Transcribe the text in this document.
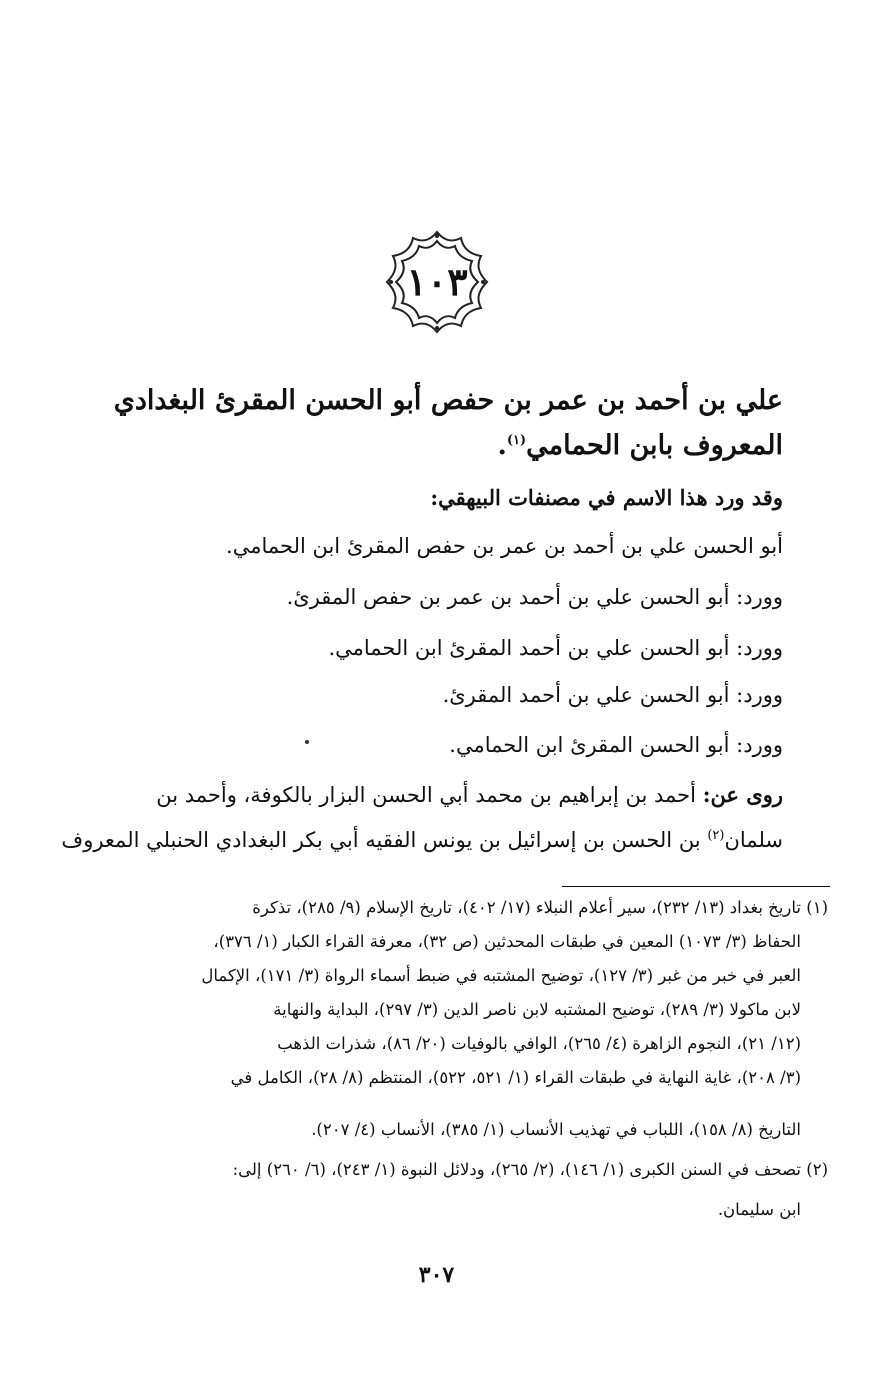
١٠٣
علي بن أحمد بن عمر بن حفص أبو الحسن المقرئ البغدادي
المعروف بابن الحمامي$^{(١)}$.
وقد ورد هذا الاسم في مصنفات البيهقي:
أبو الحسن علي بن أحمد بن عمر بن حفص المقرئ ابن الحمامي.
وورد: أبو الحسن علي بن أحمد بن عمر بن حفص المقرئ.
وورد: أبو الحسن علي بن أحمد المقرئ ابن الحمامي.
وورد: أبو الحسن علي بن أحمد المقرئ.
وورد: أبو الحسن المقرئ ابن الحمامي.
روى عن: أحمد بن إبراهيم بن محمد أبي الحسن البزار بالكوفة، وأحمد بن
سلمان$^{(٢)}$ بن الحسن بن إسرائيل بن يونس الفقيه أبي بكر البغدادي الحنبلي المعروف
(١)
تاريخ بغداد (١٣/ ٢٣٢)، سير أعلام النبلاء (١٧/ ٤٠٢)، تاريخ الإسلام (٩/ ٢٨٥)، تذكرة
الحفاظ (٣/ ١٠٧٣) المعين في طبقات المحدثين (ص ٣٢)، معرفة القراء الكبار (١/ ٣٧٦)،
العبر في خبر من غبر (٣/ ١٢٧)، توضيح المشتبه في ضبط أسماء الرواة (٣/ ١٧١)، الإكمال
لابن ماكولا (٣/ ٢٨٩)، توضيح المشتبه لابن ناصر الدين (٣/ ٢٩٧)، البداية والنهاية
(١٢/ ٢١)، النجوم الزاهرة (٤/ ٢٦٥)، الوافي بالوفيات (٢٠/ ٨٦)، شذرات الذهب
(٣/ ٢٠٨)، غاية النهاية في طبقات القراء (١/ ٥٢١، ٥٢٢)، المنتظم (٨/ ٢٨)، الكامل في
التاريخ (٨/ ١٥٨)، اللباب في تهذيب الأنساب (١/ ٣٨٥)، الأنساب (٤/ ٢٠٧).
(٢)
تصحف في السنن الكبرى (١/ ١٤٦)، (٢/ ٢٦٥)، ودلائل النبوة (١/ ٢٤٣)، (٦/ ٢٦٠) إلى:
ابن سليمان.
٣٠٧
